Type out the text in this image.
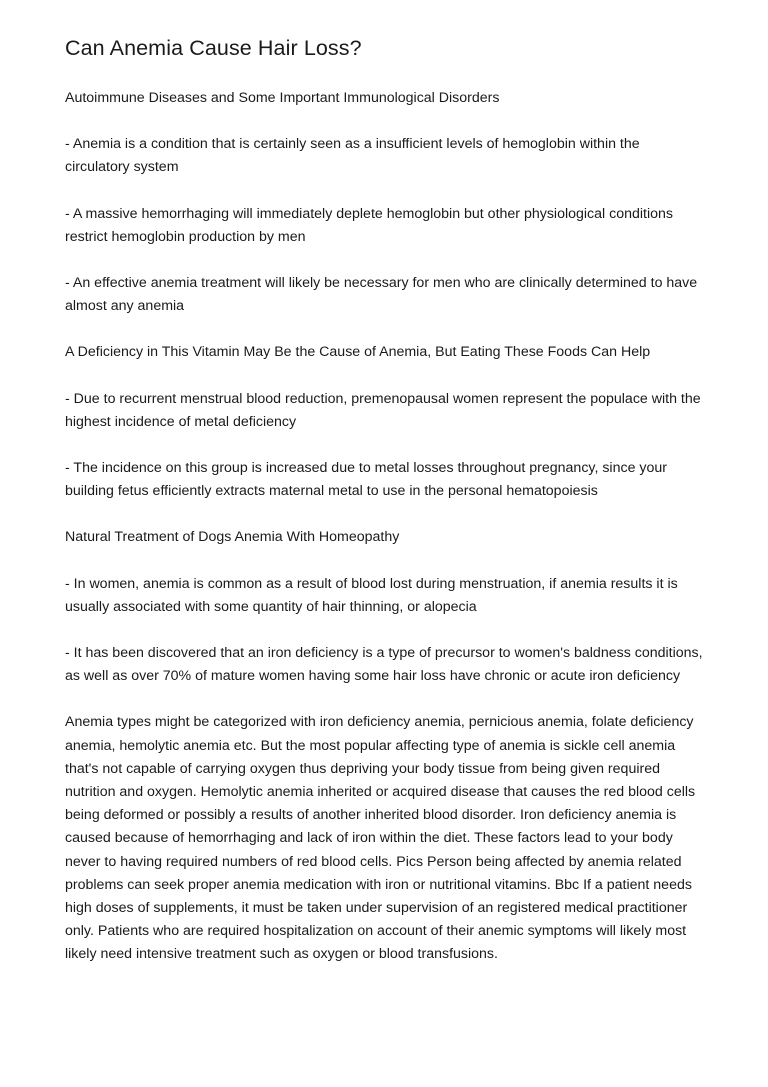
Can Anemia Cause Hair Loss?

Autoimmune Diseases and Some Important Immunological Disorders

- Anemia is a condition that is certainly seen as a insufficient levels of hemoglobin within the circulatory system

- A massive hemorrhaging will immediately deplete hemoglobin but other physiological conditions restrict hemoglobin production by men

- An effective anemia treatment will likely be necessary for men who are clinically determined to have almost any anemia

A Deficiency in This Vitamin May Be the Cause of Anemia, But Eating These Foods Can Help

- Due to recurrent menstrual blood reduction, premenopausal women represent the populace with the highest incidence of metal deficiency

- The incidence on this group is increased due to metal losses throughout pregnancy, since your building fetus efficiently extracts maternal metal to use in the personal hematopoiesis

Natural Treatment of Dogs Anemia With Homeopathy

- In women, anemia is common as a result of blood lost during menstruation, if anemia results it is usually associated with some quantity of hair thinning, or alopecia

- It has been discovered that an iron deficiency is a type of precursor to women's baldness conditions, as well as over 70% of mature women having some hair loss have chronic or acute iron deficiency

Anemia types might be categorized with iron deficiency anemia, pernicious anemia, folate deficiency anemia, hemolytic anemia etc. But the most popular affecting type of anemia is sickle cell anemia that's not capable of carrying oxygen thus depriving your body tissue from being given required nutrition and oxygen. Hemolytic anemia inherited or acquired disease that causes the red blood cells being deformed or possibly a results of another inherited blood disorder. Iron deficiency anemia is caused because of hemorrhaging and lack of iron within the diet. These factors lead to your body never to having required numbers of red blood cells. Pics Person being affected by anemia related problems can seek proper anemia medication with iron or nutritional vitamins. Bbc If a patient needs high doses of supplements, it must be taken under supervision of an registered medical practitioner only. Patients who are required hospitalization on account of their anemic symptoms will likely most likely need intensive treatment such as oxygen or blood transfusions.
